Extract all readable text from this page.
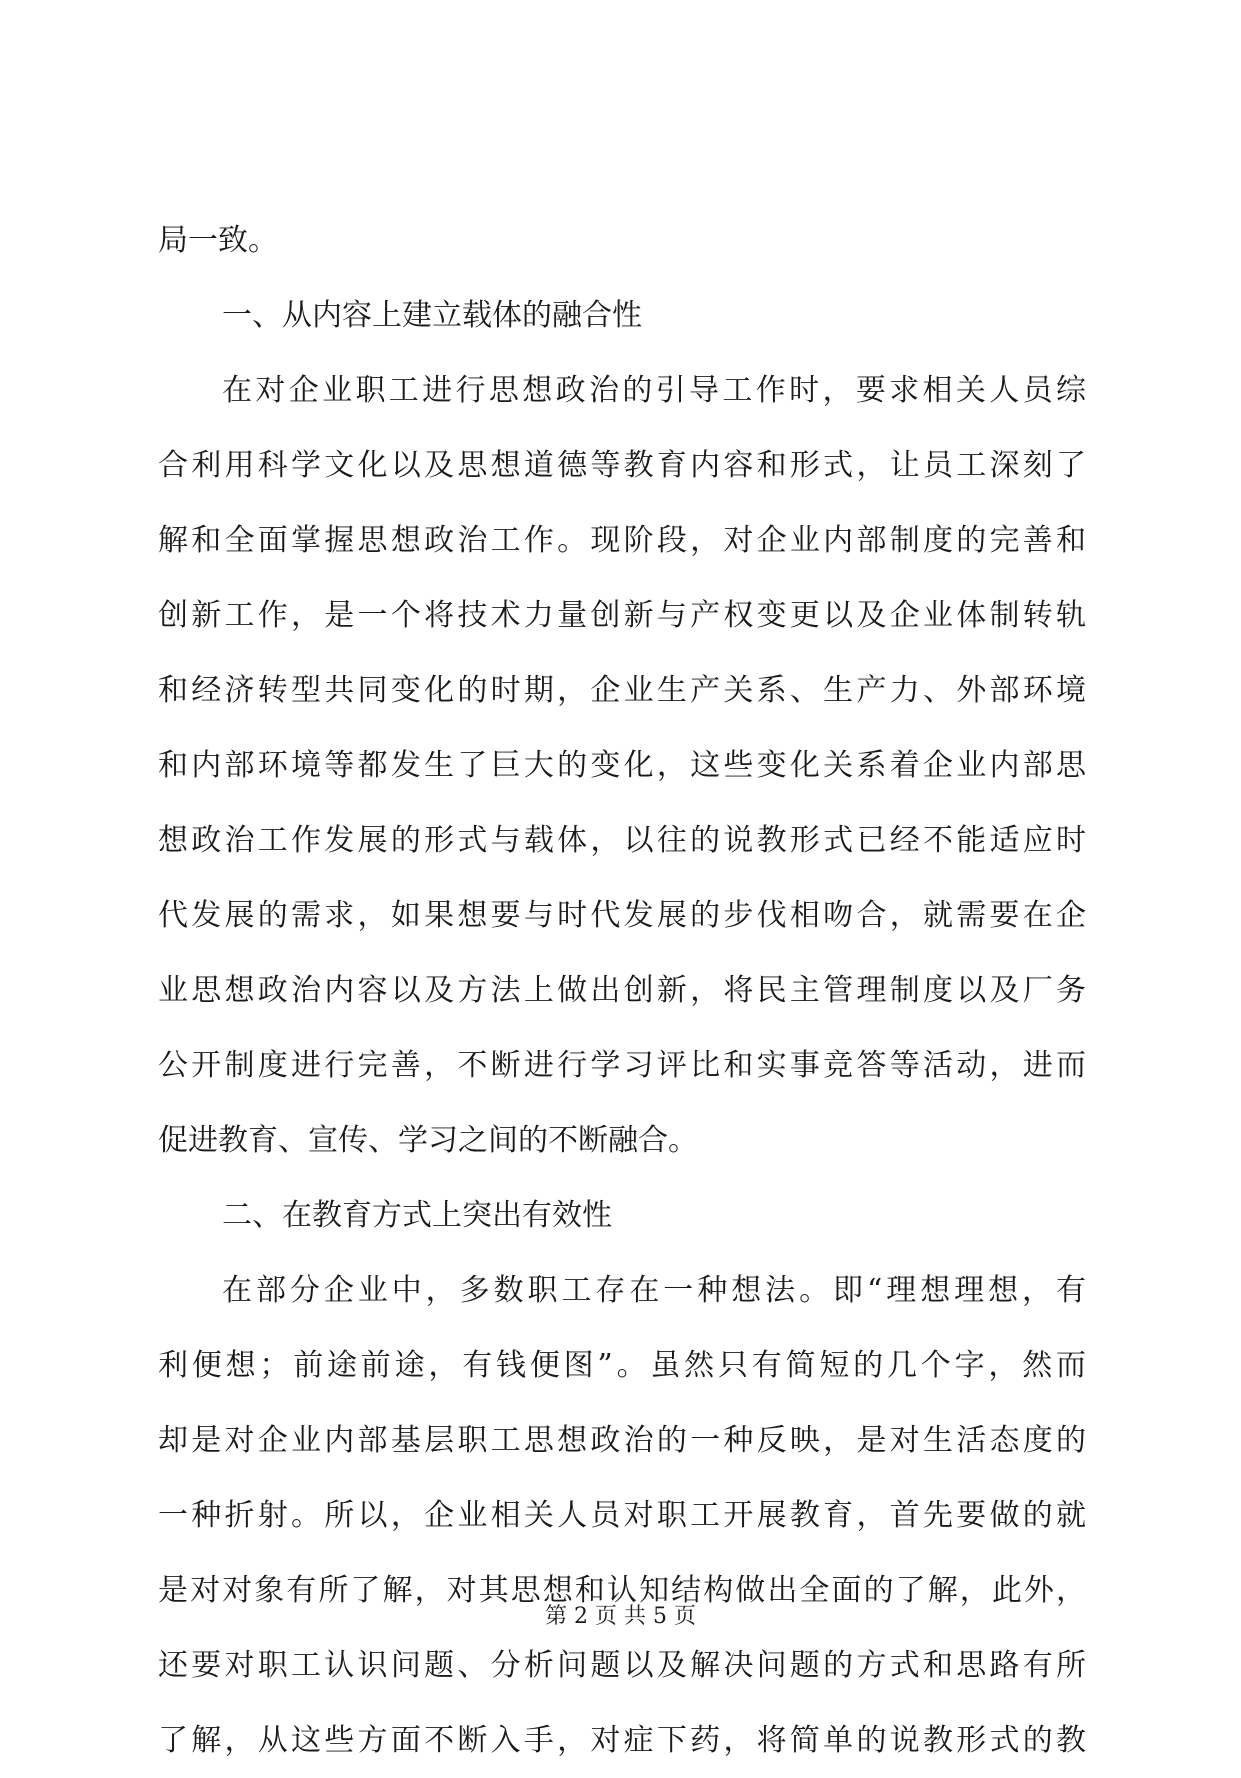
局一致。
一、从内容上建立载体的融合性
在对企业职工进行思想政治的引导工作时，要求相关人员综
合利用科学文化以及思想道德等教育内容和形式，让员工深刻了
解和全面掌握思想政治工作。现阶段，对企业内部制度的完善和
创新工作，是一个将技术力量创新与产权变更以及企业体制转轨
和经济转型共同变化的时期，企业生产关系、生产力、外部环境
和内部环境等都发生了巨大的变化，这些变化关系着企业内部思
想政治工作发展的形式与载体，以往的说教形式已经不能适应时
代发展的需求，如果想要与时代发展的步伐相吻合，就需要在企
业思想政治内容以及方法上做出创新，将民主管理制度以及厂务
公开制度进行完善，不断进行学习评比和实事竞答等活动，进而
促进教育、宣传、学习之间的不断融合。
二、在教育方式上突出有效性
在部分企业中，多数职工存在一种想法。即“理想理想，有
利便想；前途前途，有钱便图”。虽然只有简短的几个字，然而
却是对企业内部基层职工思想政治的一种反映，是对生活态度的
一种折射。所以，企业相关人员对职工开展教育，首先要做的就
是对对象有所了解，对其思想和认知结构做出全面的了解，此外，
还要对职工认识问题、分析问题以及解决问题的方式和思路有所
了解，从这些方面不断入手，对症下药，将简单的说教形式的教
第 2 页 共 5 页
